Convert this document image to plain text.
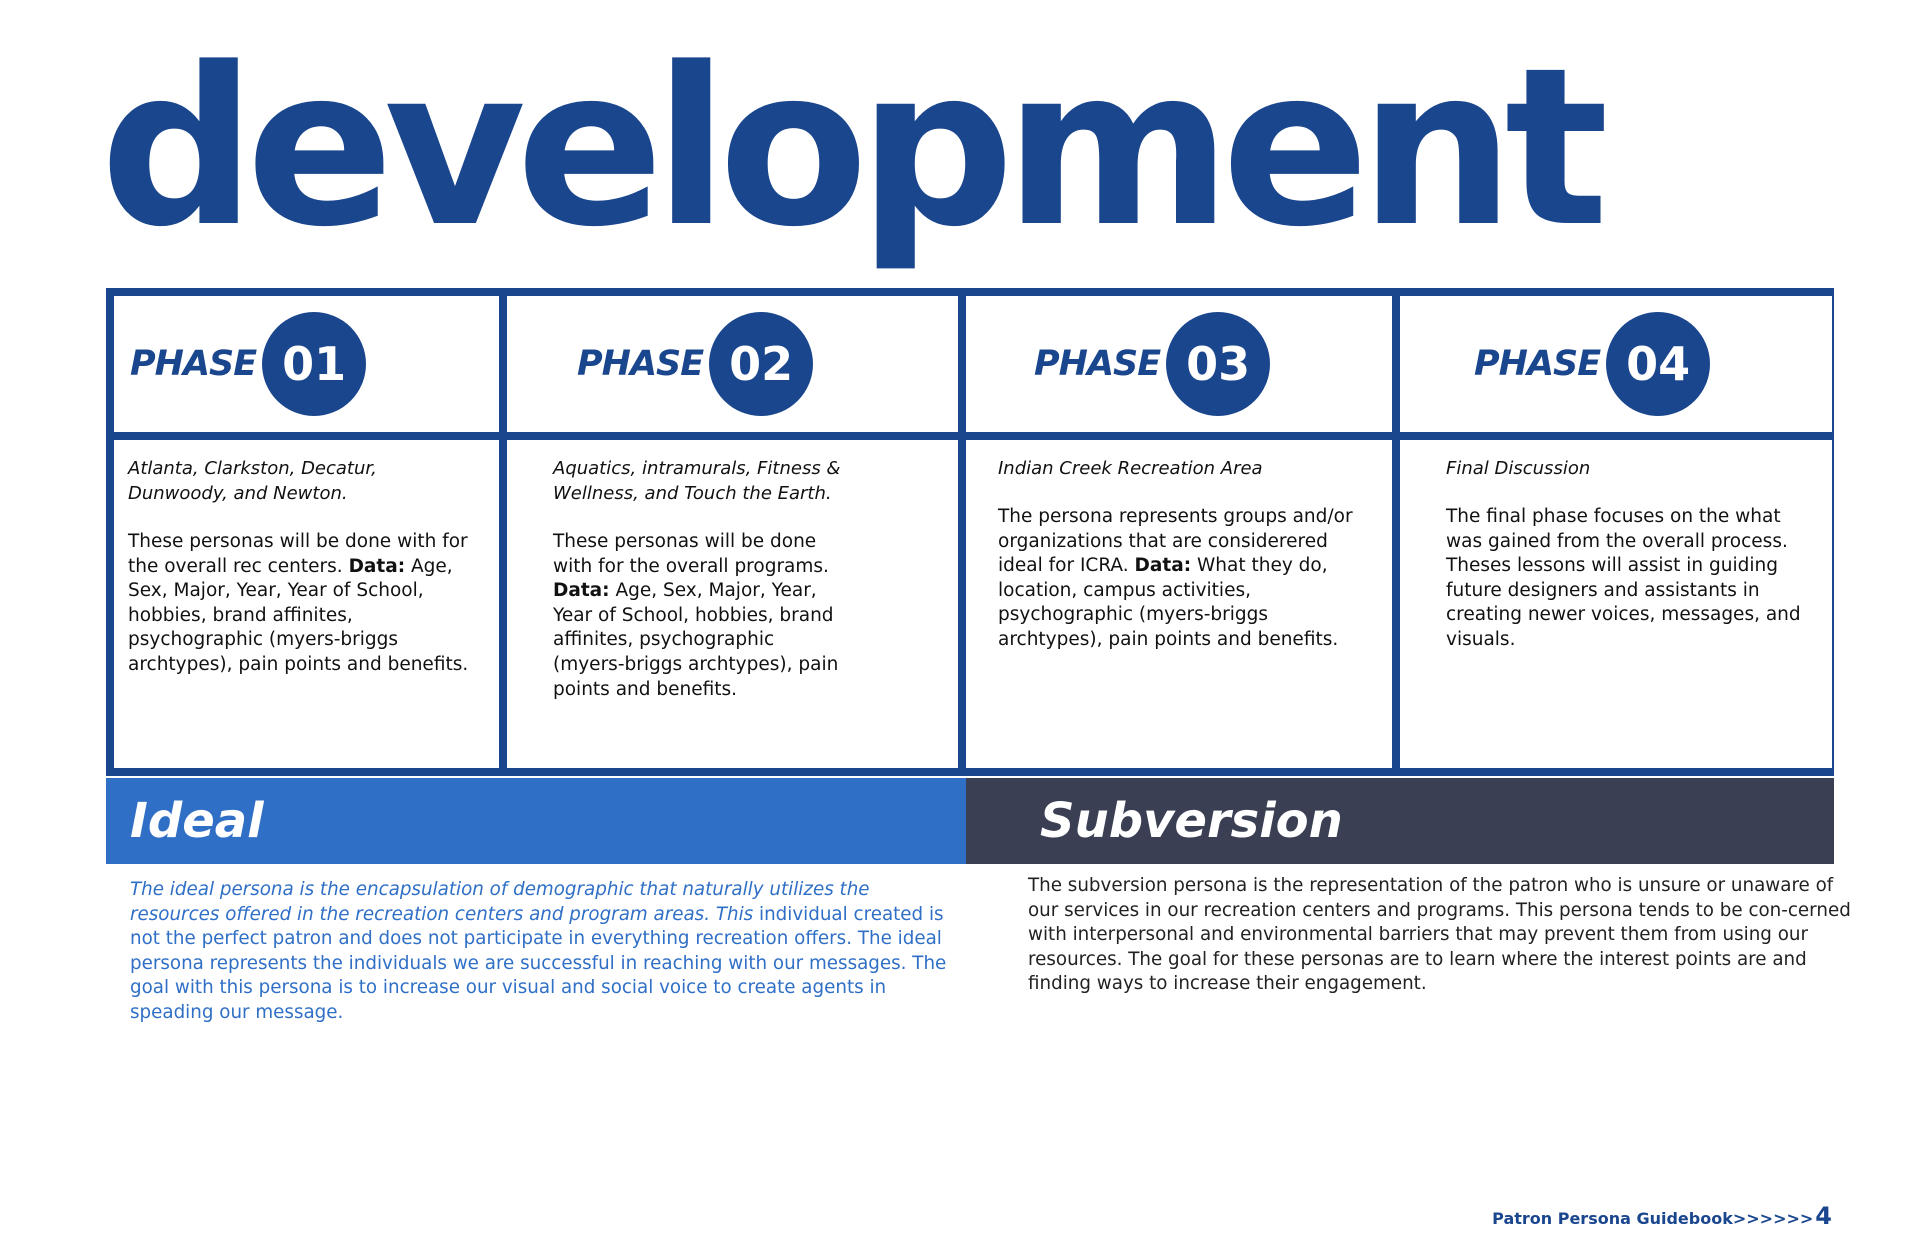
development
PHASE 01	PHASE 02	PHASE 03	PHASE 04
Atlanta, Clarkston, Decatur,
Dunwoody, and Newton.
These personas will be done with for the overall rec centers. Data: Age, Sex, Major, Year, Year of School, hobbies, brand affinites, psychographic (myers-briggs archtypes), pain points and benefits.
Aquatics, intramurals, Fitness &
Wellness, and Touch the Earth.
These personas will be done with for the overall programs. Data: Age, Sex, Major, Year, Year of School, hobbies, brand affinites, psychographic (myers-briggs archtypes), pain points and benefits.
Indian Creek Recreation Area
The persona represents groups and/or organizations that are considerered ideal for ICRA. Data: What they do, location, campus activities, psychographic (myers-briggs archtypes), pain points and benefits.
Final Discussion
The final phase focuses on the what was gained from the overall process. Theses lessons will assist in guiding future designers and assistants in creating newer voices, messages, and visuals.
Ideal	Subversion
The ideal persona is the encapsulation of demographic that naturally utilizes the resources offered in the recreation centers and program areas. This individual created is not the perfect patron and does not participate in everything recreation offers. The ideal persona represents the individuals we are successful in reaching with our messages. The goal with this persona is to increase our visual and social voice to create agents in speading our message.
The subversion persona is the representation of the patron who is unsure or unaware of our services in our recreation centers and programs. This persona tends to be con-cerned with interpersonal and environmental barriers that may prevent them from using our resources. The goal for these personas are to learn where the interest points are and finding ways to increase their engagement.
Patron Persona Guidebook>>>>>>4
